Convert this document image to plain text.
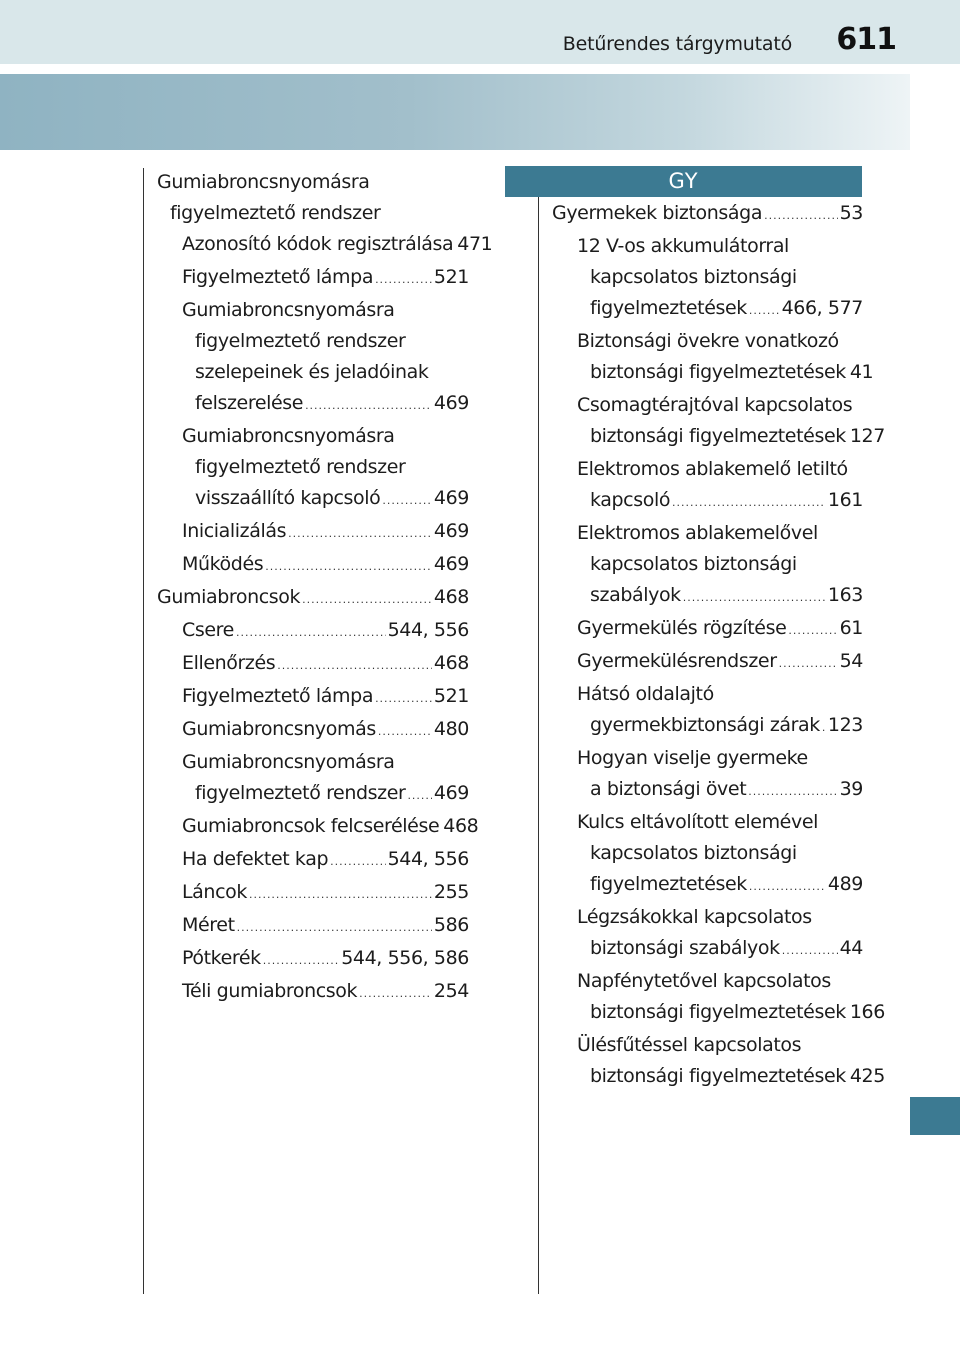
Betűrendes tárgymutató 611
Gumiabroncsnyomásra
figyelmeztető rendszer
Azonosító kódok regisztrálása 471
Figyelmeztető lámpa .....	521
Gumiabroncsnyomásra
figyelmeztető rendszer
szelepeinek és jeladóinak
felszerelése .....	469
Gumiabroncsnyomásra
figyelmeztető rendszer
visszaállító kapcsoló .....	469
Inicializálás .....	469
Működés .....	469
Gumiabroncsok .....	468
Csere .....	544, 556
Ellenőrzés .....	468
Figyelmeztető lámpa .....	521
Gumiabroncsnyomás .....	480
Gumiabroncsnyomásra
figyelmeztető rendszer ..... 469
Gumiabroncsok felcserélése 468
Ha defektet kap .....	544, 556
Láncok .....	255
Méret .....	586
Pótkerék .....	544, 556, 586
Téli gumiabroncsok .....	254
GY
Gyermekek biztonsága .....	53
12 V-os akkumulátorral
kapcsolatos biztonsági
figyelmeztetések ..... 466, 577
Biztonsági övekre vonatkozó
biztonsági figyelmeztetések 41
Csomagtérajtóval kapcsolatos
biztonsági figyelmeztetések 127
Elektromos ablakemelő letiltó
kapcsoló .....	161
Elektromos ablakemelővel
kapcsolatos biztonsági
szabályok .....	163
Gyermekülés rögzítése .....	61
Gyermekülésrendszer .....	54
Hátsó oldalajtó
gyermekbiztonsági zárak ..... 123
Hogyan viselje gyermeke
a biztonsági övet .....	39
Kulcs eltávolított elemével
kapcsolatos biztonsági
figyelmeztetések .....	489
Légzsákokkal kapcsolatos
biztonsági szabályok .....	44
Napfénytetővel kapcsolatos
biztonsági figyelmeztetések 166
Ülésfűtéssel kapcsolatos
biztonsági figyelmeztetések 425
